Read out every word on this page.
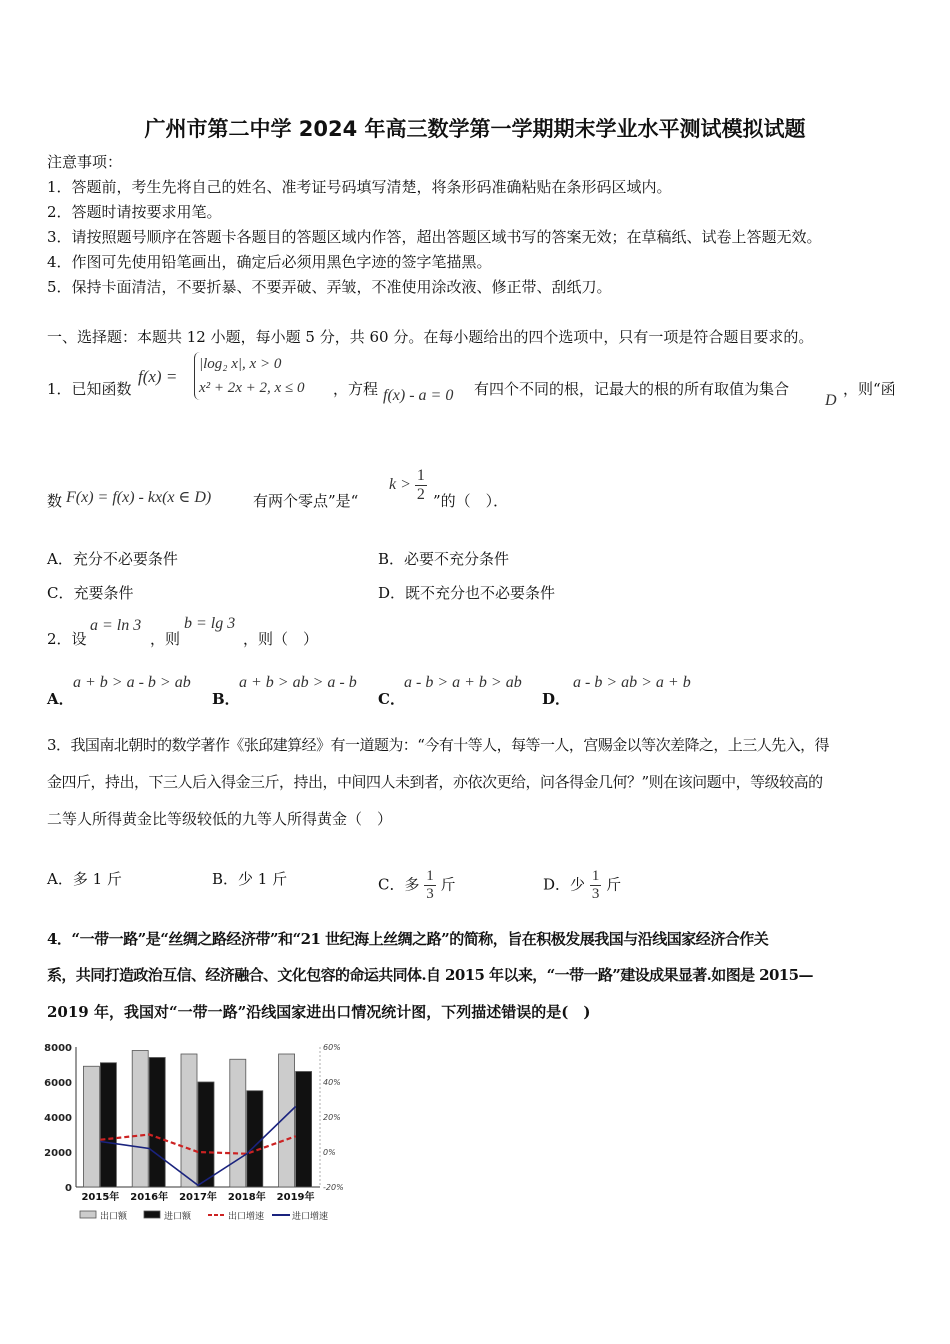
广州市第二中学 2024 年高三数学第一学期期末学业水平测试模拟试题
注意事项：
1．答题前，考生先将自己的姓名、准考证号码填写清楚，将条形码准确粘贴在条形码区域内。
2．答题时请按要求用笔。
3．请按照题号顺序在答题卡各题目的答题区域内作答，超出答题区域书写的答案无效；在草稿纸、试卷上答题无效。
4．作图可先使用铅笔画出，确定后必须用黑色字迹的签字笔描黑。
5．保持卡面清洁，不要折暴、不要弄破、弄皱，不准使用涂改液、修正带、刮纸刀。
一、选择题：本题共 12 小题，每小题 5 分，共 60 分。在每小题给出的四个选项中，只有一项是符合题目要求的。
1．已知函数
f(x) =
|log₂ x|, x > 0
x² + 2x + 2, x ≤ 0 ，方程 f(x) - a = 0 有四个不同的根，记最大的根的所有取值为集合
D
，则“函
数 F(x) = f(x) - kx(x ∈ D)	有两个零点”是“
$k > \frac{1}{2}$ ”的（　）．
A．充分不必要条件	B．必要不充分条件
C．充要条件	D．既不充分也不必要条件
2．设
a = ln 3
，则
b = lg 3
，则（　）
A．
a + b > a - b > ab
B．
a + b > ab > a - b
C．
a - b > a + b > ab
D．
a - b > ab > a + b
3．我国南北朝时的数学著作《张邱建算经》有一道题为：“今有十等人，每等一人，宫赐金以等次差降之，上三人先入，得
金四斤，持出，下三人后入得金三斤，持出，中间四人未到者，亦依次更给，问各得金几何？”则在该问题中，等级较高的
二等人所得黄金比等级较低的九等人所得黄金（　）
A．多 1 斤	B．少 1 斤	C．多 $\frac{1}{3}$ 斤	D．少 $\frac{1}{3}$ 斤
4．“一带一路”是“丝绸之路经济带”和“21 世纪海上丝绸之路”的简称，旨在积极发展我国与沿线国家经济合作关
系，共同打造政治互信、经济融合、文化包容的命运共同体.自 2015 年以来，“一带一路”建设成果显著.如图是 2015—
2019 年，我国对“一带一路”沿线国家进出口情况统计图，下列描述错误的是(　)
0
2000
4000
6000
8000
-20%
0%
20%
40%
60%
2015年 2016年 2017年 2018年 2019年
出口额	进口额	出口增速	进口增速
